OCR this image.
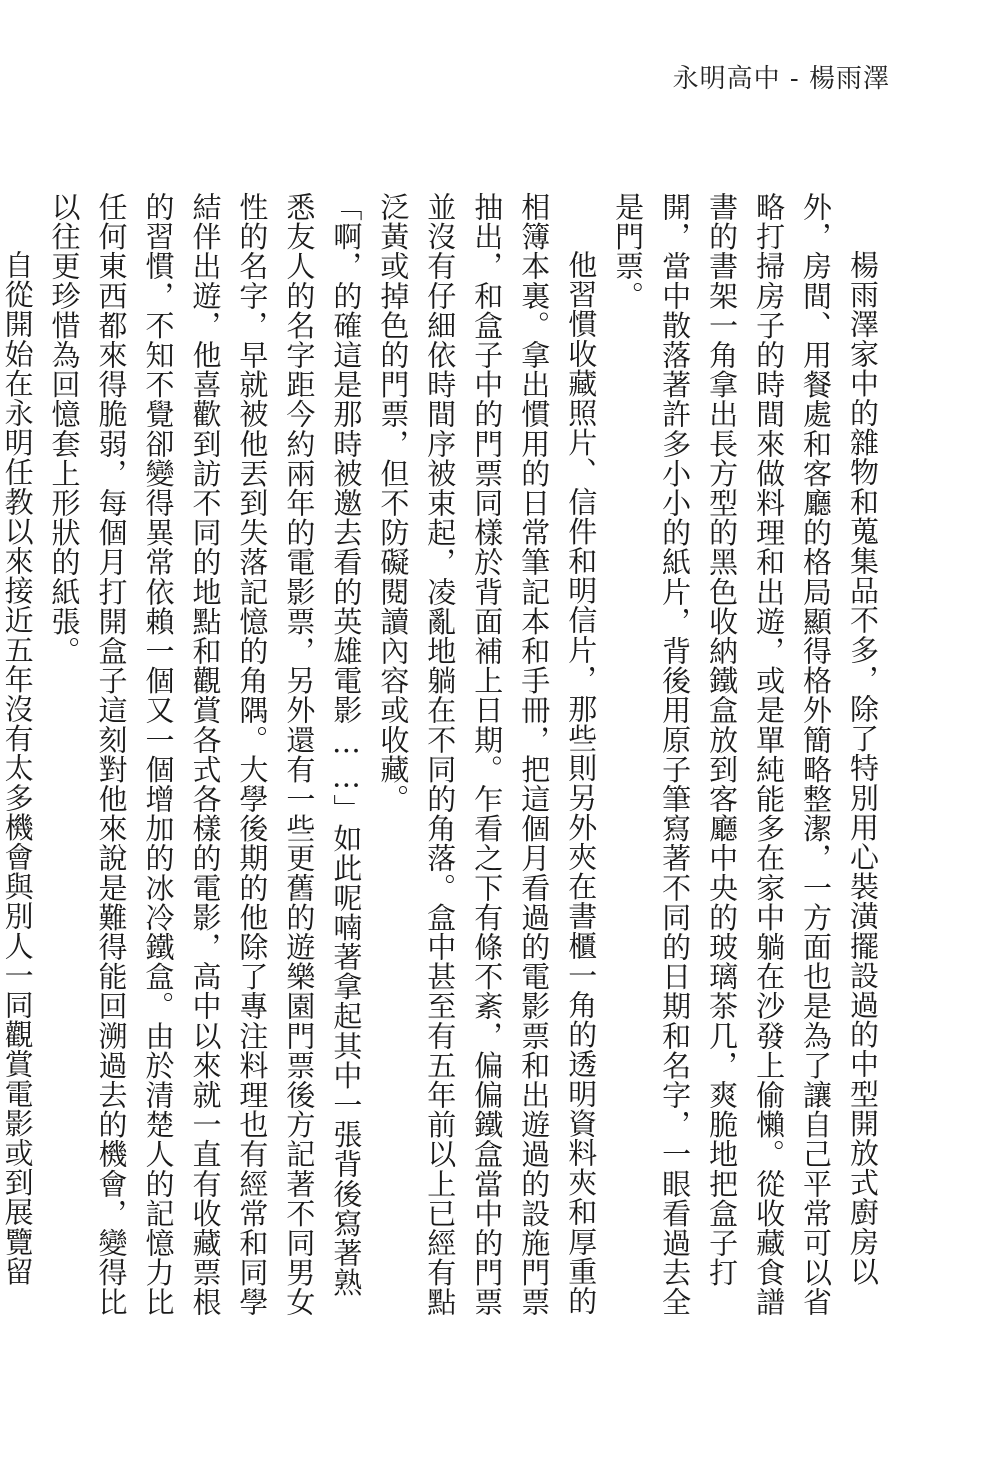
永明高中 - 楊雨澤

楊雨澤家中的雜物和蒐集品不多，除了特別用心裝潢擺設過的中型開放式廚房以外，房間、用餐處和客廳的格局顯得格外簡略整潔，一方面也是為了讓自己平常可以省略打掃房子的時間來做料理和出遊，或是單純能多在家中躺在沙發上偷懶。從收藏食譜書的書架一角拿出長方型的黑色收納鐵盒放到客廳中央的玻璃茶几，爽脆地把盒子打開，當中散落著許多小小的紙片，背後用原子筆寫著不同的日期和名字，一眼看過去全是門票。

他習慣收藏照片、信件和明信片，那些則另外夾在書櫃一角的透明資料夾和厚重的相簿本裏。拿出慣用的日常筆記本和手冊，把這個月看過的電影票和出遊過的設施門票抽出，和盒子中的門票同樣於背面補上日期。乍看之下有條不紊，偏偏鐵盒當中的門票並沒有仔細依時間序被束起，凌亂地躺在不同的角落。盒中甚至有五年前以上已經有點泛黃或掉色的門票，但不防礙閱讀內容或收藏。

「啊，的確這是那時被邀去看的英雄電影……」如此呢喃著拿起其中一張背後寫著熟悉友人的名字距今約兩年的電影票，另外還有一些更舊的遊樂園門票後方記著不同男女性的名字，早就被他丟到失落記憶的角隅。大學後期的他除了專注料理也有經常和同學結伴出遊，他喜歡到訪不同的地點和觀賞各式各樣的電影，高中以來就一直有收藏票根的習慣，不知不覺卻變得異常依賴一個又一個增加的冰冷鐵盒。由於清楚人的記憶力比任何東西都來得脆弱，每個月打開盒子這刻對他來說是難得能回溯過去的機會，變得比以往更珍惜為回憶套上形狀的紙張。

自從開始在永明任教以來接近五年沒有太多機會與別人一同觀賞電影或到展覽留
